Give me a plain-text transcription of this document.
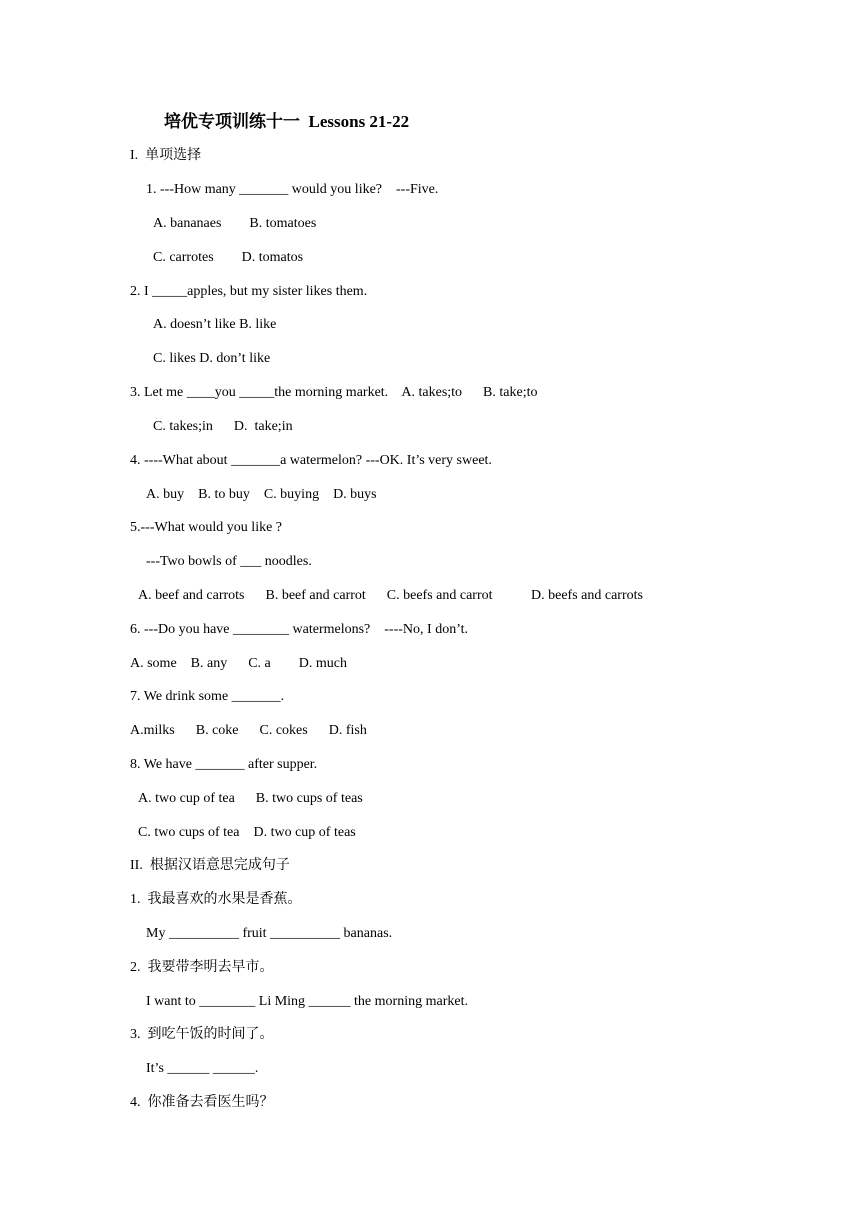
培优专项训练十一  Lessons 21-22
I.  单项选择
1. ---How many _______ would you like?    ---Five.
A. bananaes        B. tomatoes
C. carrotes        D. tomatos
2. I _____apples, but my sister likes them.
A. doesn’t like B. like
C. likes D. don’t like
3. Let me ____you _____the morning market.    A. takes;to      B. take;to
C. takes;in      D.  take;in
4. ----What about _______a watermelon? ---OK. It’s very sweet.
A. buy    B. to buy    C. buying    D. buys
5.---What would you like ?
---Two bowls of ___ noodles.
A. beef and carrots      B. beef and carrot      C. beefs and carrot           D. beefs and carrots
6. ---Do you have ________ watermelons?    ----No, I don’t.
A. some    B. any      C. a        D. much
7. We drink some _______.
A.milks      B. coke      C. cokes      D. fish
8. We have _______ after supper.
A. two cup of tea      B. two cups of teas
C. two cups of tea    D. two cup of teas
II.  根据汉语意思完成句子
1.  我最喜欢的水果是香蕉。
My __________ fruit __________ bananas.
2.  我要带李明去早市。
I want to ________ Li Ming ______ the morning market.
3.  到吃午饭的时间了。
It’s ______ ______.
4.  你准备去看医生吗？
